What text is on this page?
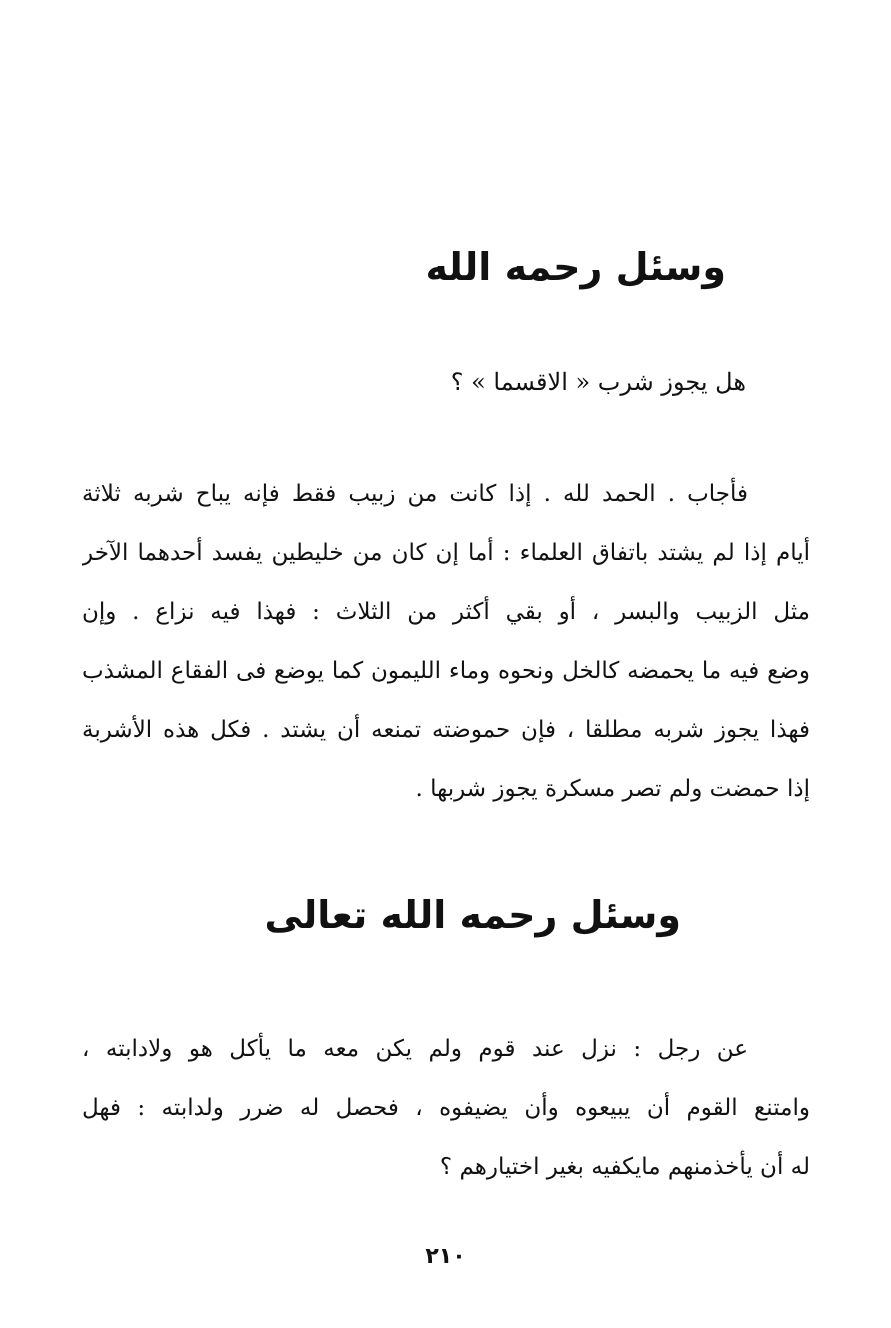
وسئل رحمه الله
هل يجوز شرب « الاقسما » ؟
فأجاب . الحمد لله . إذا كانت من زبيب فقط فإنه يباح شربه ثلاثة
أيام إذا لم يشتد باتفاق العلماء : أما إن كان من خليطين يفسد أحدهما الآخر
مثل الزبيب والبسر ، أو بقي أكثر من الثلاث : فهذا فيه نزاع . وإن
وضع فيه ما يحمضه كالخل ونحوه وماء الليمون كما يوضع فى الفقاع المشذب
فهذا يجوز شربه مطلقا ، فإن حموضته تمنعه أن يشتد . فكل هذه الأشربة
إذا حمضت ولم تصر مسكرة يجوز شربها .
وسئل رحمه الله تعالى
عن رجل : نزل عند قوم ولم يكن معه ما يأكل هو ولادابته ،
وامتنع القوم أن يبيعوه وأن يضيفوه ، فحصل له ضرر ولدابته : فهل
له أن يأخذمنهم مايكفيه بغير اختيارهم ؟
٢١٠
